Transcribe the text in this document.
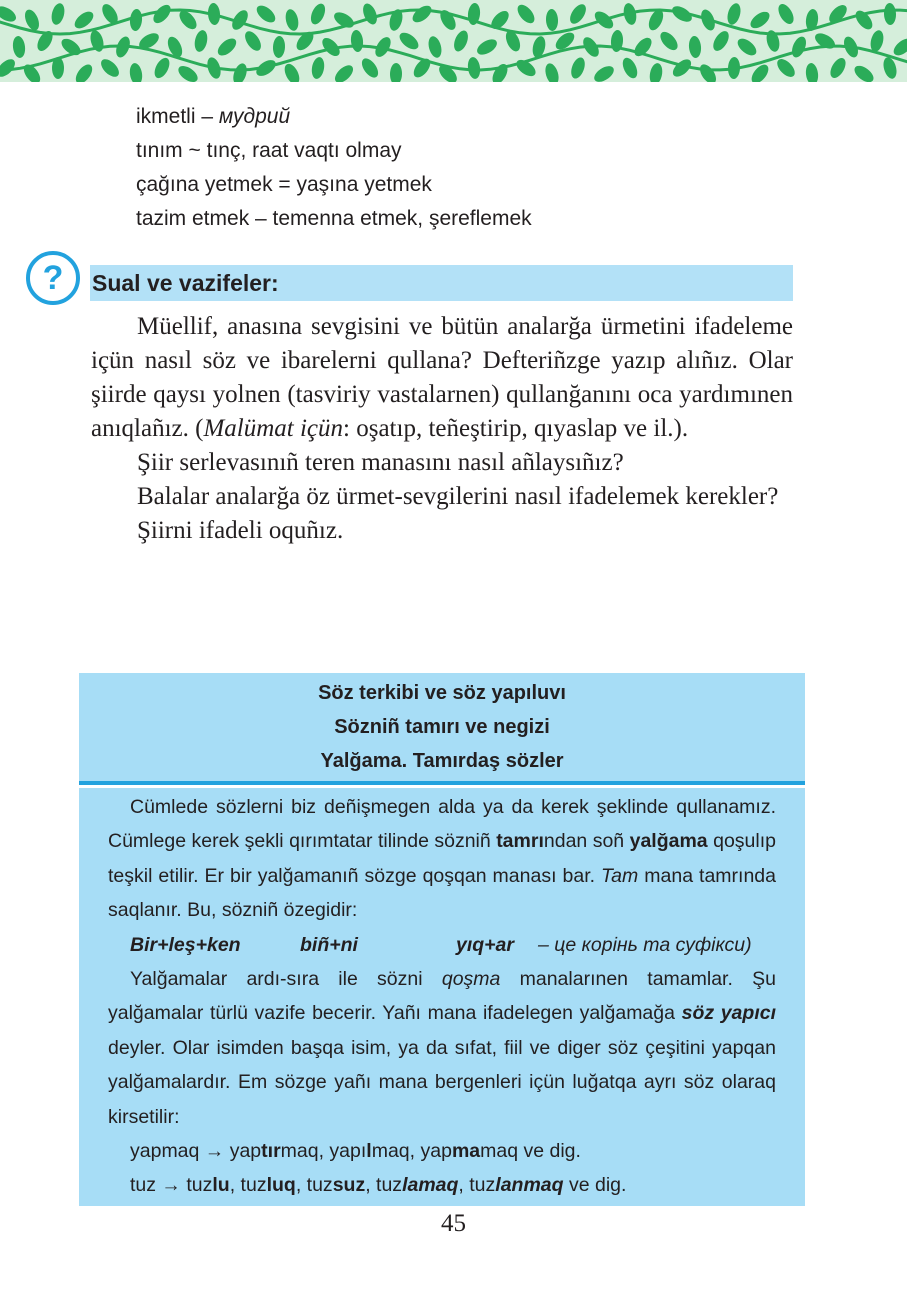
ikmetli – мудрий
tınım ~ tınç, raat vaqtı olmay
çağına yetmek = yaşına yetmek
tazim etmek – temenna etmek, şereflemek
? Sual ve vazifeler:

Müellif, anasına sevgisini ve bütün analarğa ürmetini ifadeleme içün nasıl söz ve ibarelerni qullana? Defteriñzge yazıp alıñız. Olar şiirde qaysı yolnen (tasviriy vastalarnen) qullanğanını oca yardımınen anıqlañız. (Malümat içün: oşatıp, teñeştirip, qıyaslap ve il.).

Şiir serlevasınıñ teren manasını nasıl añlaysıñız?

Balalar analarğa öz ürmet-sevgilerini nasıl ifadelemek kerekler?

Şiirni ifadeli oquñız.

Söz terkibi ve söz yapıluvı
Sözniñ tamırı ve negizi
Yalğama. Tamırdaş sözler

Cümlede sözlerni biz deñişmegen alda ya da kerek şeklinde qullanamız. Cümlege kerek şekli qırımtatar tilinde sözniñ tamrından soñ yalğama qoşulıp teşkil etilir. Er bir yalğamanıñ sözge qoşqan manası bar. Tam mana tamrında saqlanır. Bu, sözniñ özegidir:

Bir+leş+ken	biñ+ni	yıq+ar – це корінь та суфікси)

Yalğamalar ardı-sıra ile sözni qoşma manalarınen tamamlar. Şu yalğamalar türlü vazife becerir. Yañı mana ifadelegen yalğamağa söz yapıcı deyler. Olar isimden başqa isim, ya da sıfat, fiil ve diger söz çeşitini yapqan yalğamalardır. Em sözge yañı mana bergenleri içün luğatqa ayrı söz olaraq kirsetilir:

yapmaq → yaptırmaq, yapılmaq, yapmamaq ve dig.
tuz → tuzlu, tuzluq, tuzsuz, tuzlamaq, tuzlanmaq ve dig.
45
